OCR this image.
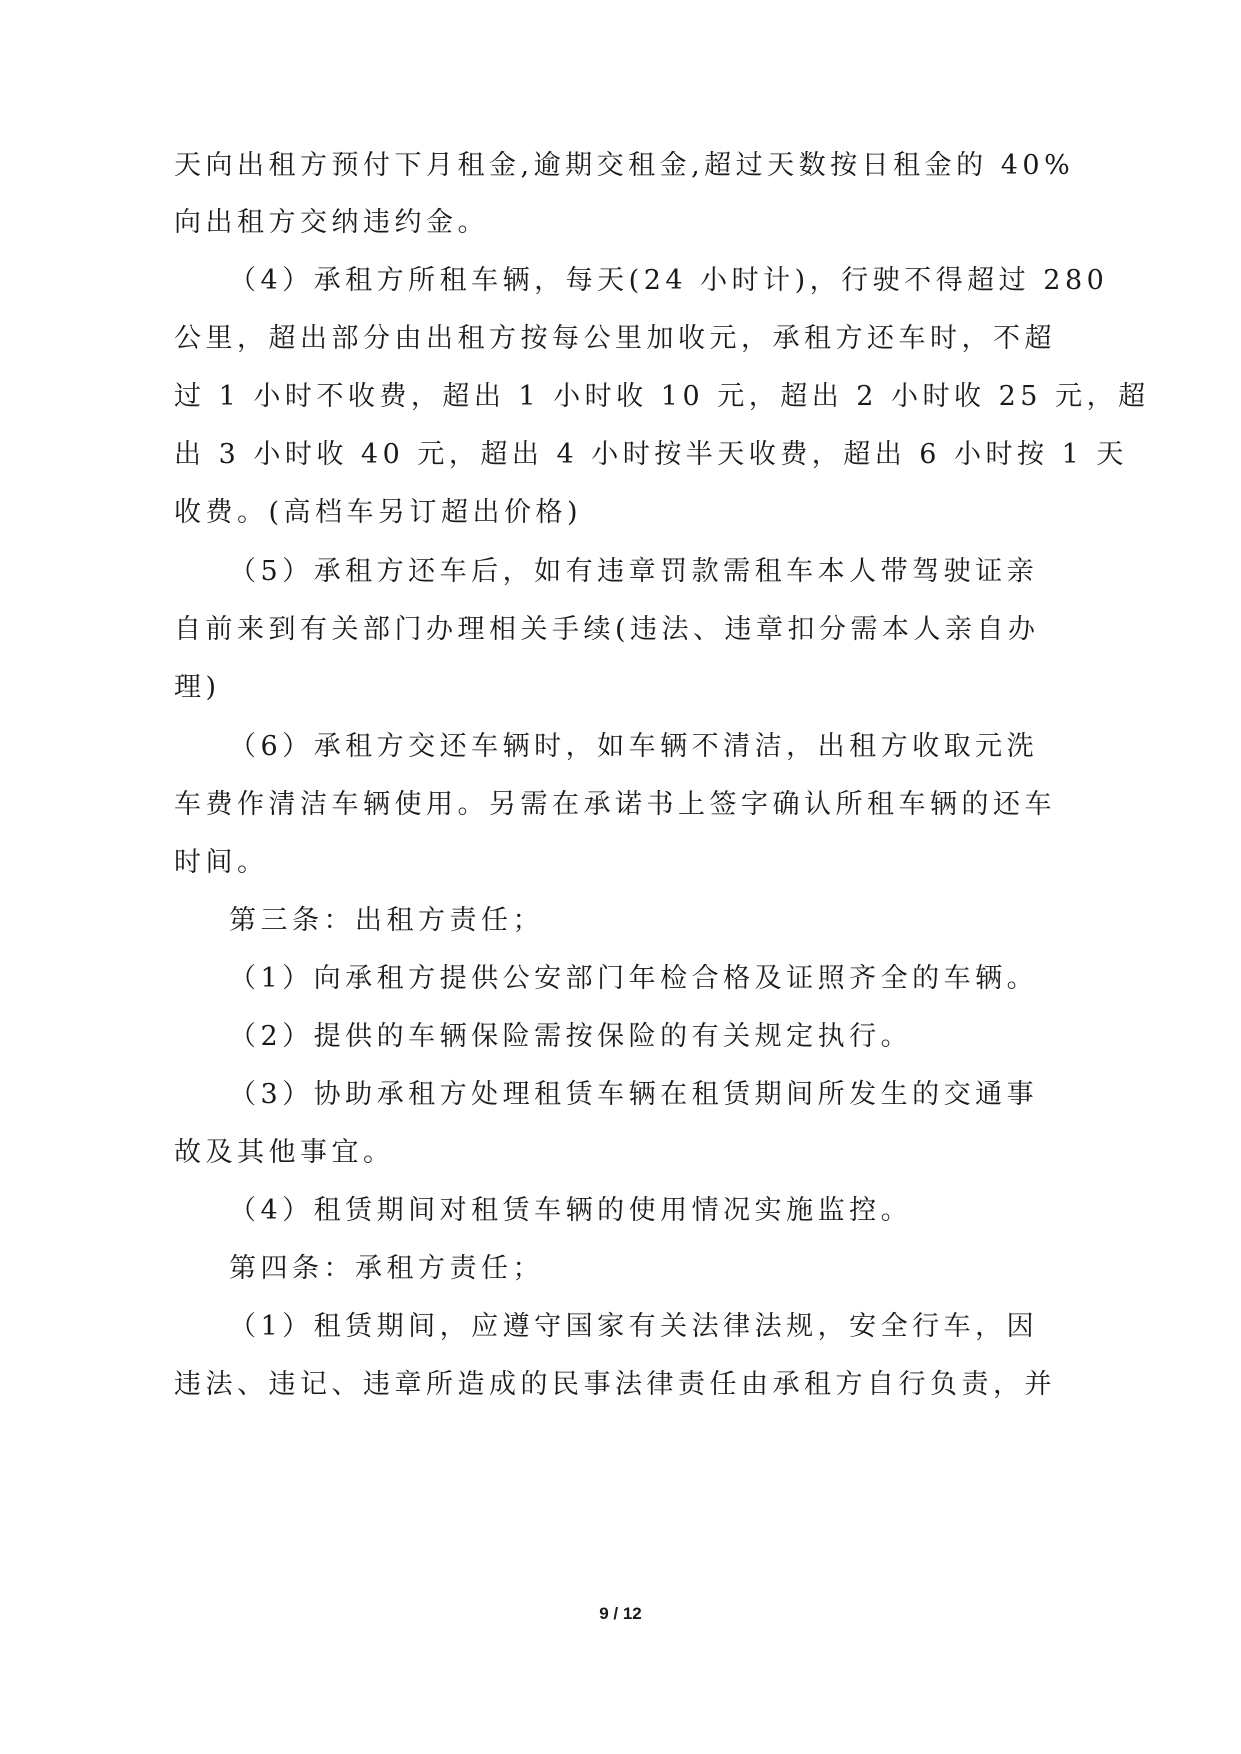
天向出租方预付下月租金,逾期交租金,超过天数按日租金的 40%
向出租方交纳违约金。
（4）承租方所租车辆，每天(24 小时计)，行驶不得超过 280
公里，超出部分由出租方按每公里加收元，承租方还车时，不超
过 1 小时不收费，超出 1 小时收 10 元，超出 2 小时收 25 元，超
出 3 小时收 40 元，超出 4 小时按半天收费，超出 6 小时按 1 天
收费。(高档车另订超出价格)
（5）承租方还车后，如有违章罚款需租车本人带驾驶证亲
自前来到有关部门办理相关手续(违法、违章扣分需本人亲自办
理)
（6）承租方交还车辆时，如车辆不清洁，出租方收取元洗
车费作清洁车辆使用。另需在承诺书上签字确认所租车辆的还车
时间。
第三条：出租方责任；
（1）向承租方提供公安部门年检合格及证照齐全的车辆。
（2）提供的车辆保险需按保险的有关规定执行。
（3）协助承租方处理租赁车辆在租赁期间所发生的交通事
故及其他事宜。
（4）租赁期间对租赁车辆的使用情况实施监控。
第四条：承租方责任；
（1）租赁期间，应遵守国家有关法律法规，安全行车，因
违法、违记、违章所造成的民事法律责任由承租方自行负责，并
9 / 12
